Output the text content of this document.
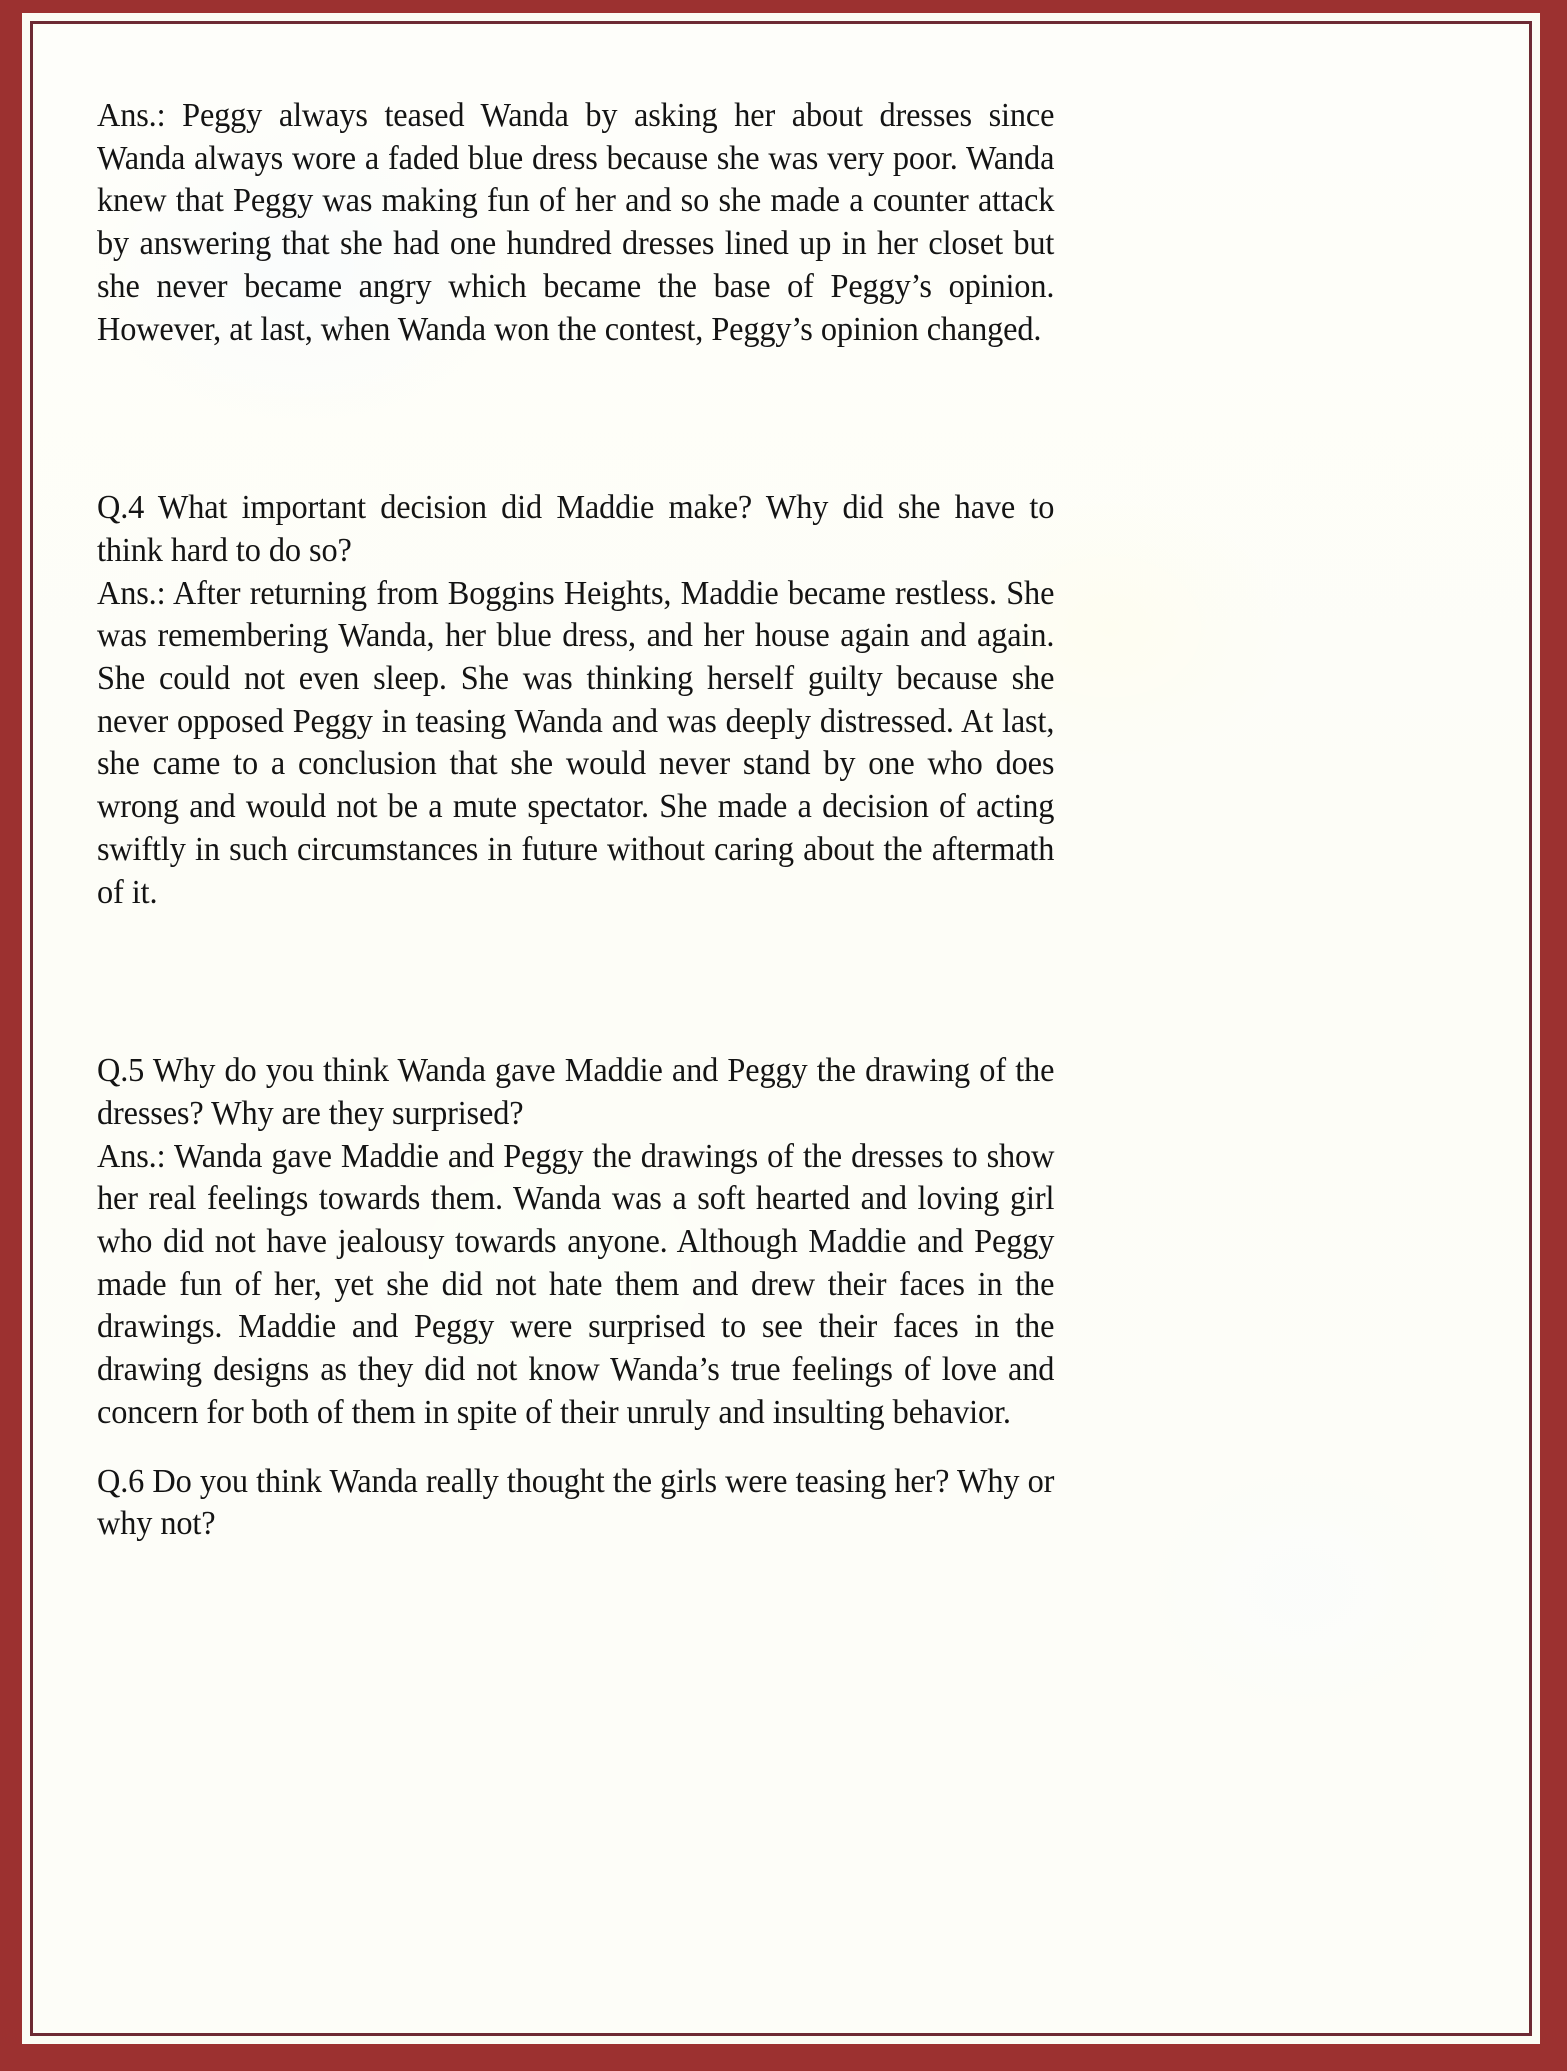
Ans.: Peggy always teased Wanda by asking her about dresses since Wanda always wore a faded blue dress because she was very poor. Wanda knew that Peggy was making fun of her and so she made a counter attack by answering that she had one hundred dresses lined up in her closet but she never became angry which became the base of Peggy’s opinion. However, at last, when Wanda won the contest, Peggy’s opinion changed.

Q.4 What important decision did Maddie make? Why did she have to think hard to do so?

Ans.: After returning from Boggins Heights, Maddie became restless. She was remembering Wanda, her blue dress, and her house again and again. She could not even sleep. She was thinking herself guilty because she never opposed Peggy in teasing Wanda and was deeply distressed. At last, she came to a conclusion that she would never stand by one who does wrong and would not be a mute spectator. She made a decision of acting swiftly in such circumstances in future without caring about the aftermath of it.

Q.5 Why do you think Wanda gave Maddie and Peggy the drawing of the dresses? Why are they surprised?

Ans.: Wanda gave Maddie and Peggy the drawings of the dresses to show her real feelings towards them. Wanda was a soft hearted and loving girl who did not have jealousy towards anyone. Although Maddie and Peggy made fun of her, yet she did not hate them and drew their faces in the drawings. Maddie and Peggy were surprised to see their faces in the drawing designs as they did not know Wanda’s true feelings of love and concern for both of them in spite of their unruly and insulting behavior.

Q.6 Do you think Wanda really thought the girls were teasing her? Why or why not?
